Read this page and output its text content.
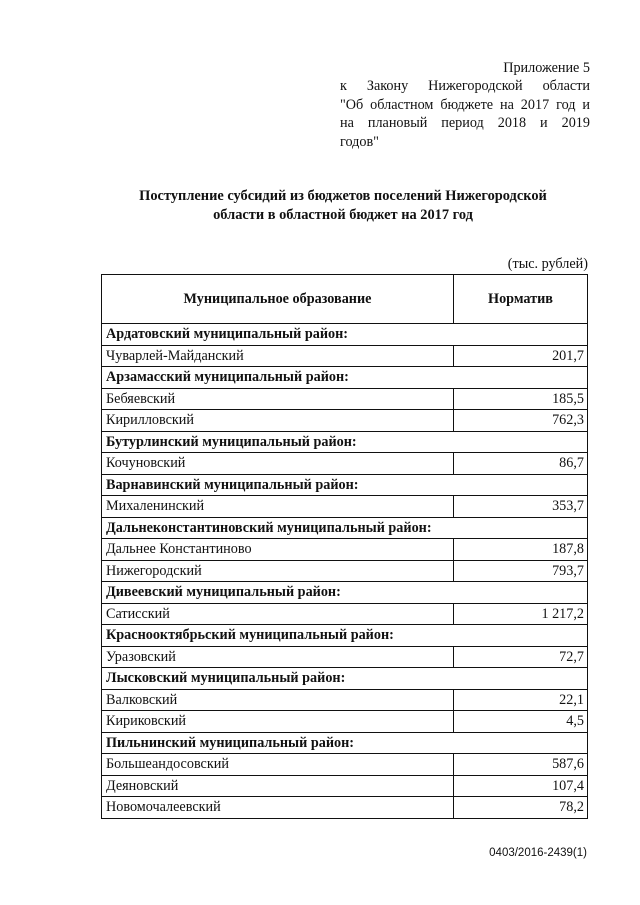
Приложение 5
к Закону Нижегородской области
"Об областном бюджете на 2017 год и
на плановый период 2018 и 2019
годов"
Поступление субсидий из бюджетов поселений Нижегородской
области в областной бюджет на 2017 год
(тыс. рублей)
Муниципальное образование	Норматив
Ардатовский муниципальный район:	
Чуварлей-Майданский	201,7
Арзамасский муниципальный район:	
Бебяевский	185,5
Кирилловский	762,3
Бутурлинский муниципальный район:	
Кочуновский	86,7
Варнавинский муниципальный район:	
Михаленинский	353,7
Дальнеконстантиновский муниципальный район:	
Дальнее Константиново	187,8
Нижегородский	793,7
Дивеевский муниципальный район:	
Сатисский	1 217,2
Краснооктябрьский муниципальный район:	
Уразовский	72,7
Лысковский муниципальный район:	
Валковский	22,1
Кириковский	4,5
Пильнинский муниципальный район:	
Большеандосовский	587,6
Деяновский	107,4
Новомочалеевский	78,2
0403/2016-2439(1)
